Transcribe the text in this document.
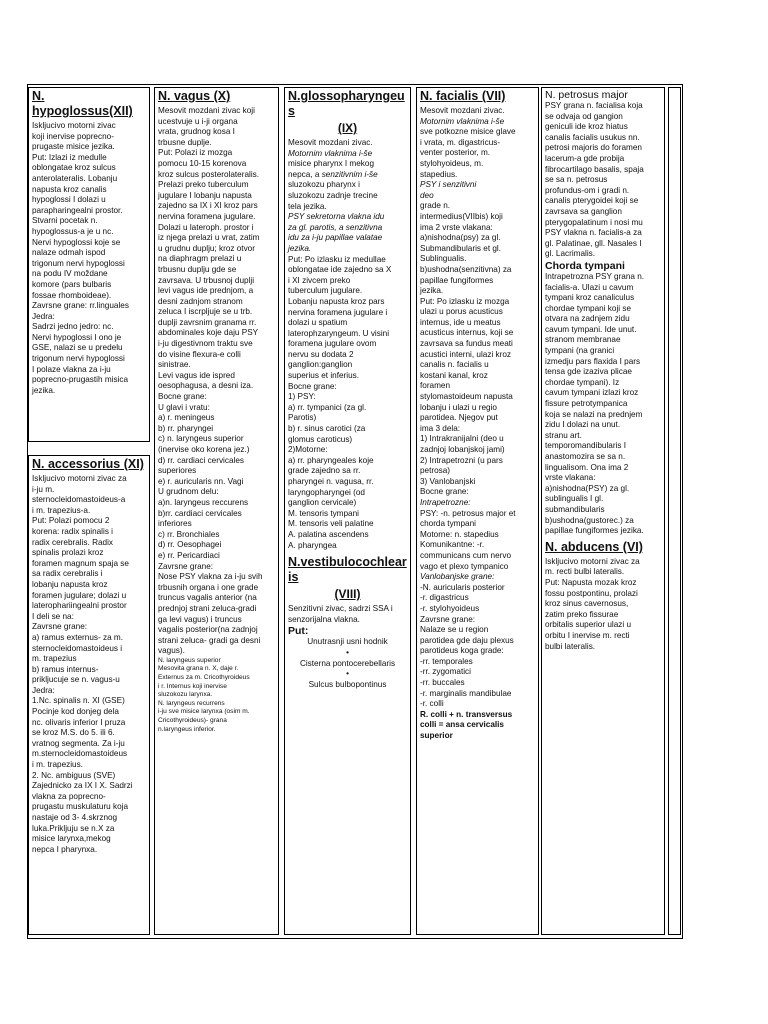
N. hypoglossus(XII)

Iskljucivo motorni zivac
koji inervise poprecno-
prugaste misice jezika.
Put: Izlazi iz medulle
oblongatae kroz sulcus
anterolateralis. Lobanju
napusta kroz canalis
hypoglossi I dolazi u
parapharingealni prostor.
Stvarni pocetak n.
hypoglossus-a je u nc.
Nervi hypoglossi koje se
nalaze odmah ispod
trigonum nervi hypoglossi
na podu IV moždane
komore (pars bulbaris
fossae rhomboideae).
Zavrsne grane: rr.linguales
Jedra:
Sadrzi jedno jedro: nc.
Nervi hypoglossi I ono je
GSE, nalazi se u predelu
trigonum nervi hypoglossi
I polaze vlakna za i-ju
poprecno-prugastih misica
jezika.

N. accessorius (XI)

Iskljucivo motorni zivac za
i-ju m.
sternocleidomastoideus-a
i m. trapezius-a.
Put: Polazi pomocu 2
korena: radix spinalis i
radix cerebralis. Radix
spinalis prolazi kroz
foramen magnum spaja se
sa radix cerebralis i
lobanju napusta kroz
foramen jugulare; dolazi u
laterophariingealni prostor
I deli se na:
Zavrsne grane:
a) ramus externus- za m.
sternocleidomastoideus i
m. trapezius
b) ramus internus-
prikljucuje se n. vagus-u
Jedra:
1.Nc. spinalis n. XI (GSE)
Pocinje kod donjeg dela
nc. olivaris inferior I pruza
se kroz M.S. do 5. ili 6.
vratnog segmenta. Za i-ju
m.sternocleidomastoideus
i m. trapezius.
2. Nc. ambiguus (SVE)
Zajednicko za IX I X. Sadrzi
vlakna za poprecno-
prugastu muskulaturu koja
nastaje od 3- 4.skrznog
luka.Prikljuju se n.X za
misice larynxa,mekog
nepca I pharynxa.

N. vagus (X)

Mesovit mozdani zivac koji
ucestvuje u i-ji organa
vrata, grudnog kosa I
trbusne duplje.
Put: Polazi iz mozga
pomocu 10-15 korenova
kroz sulcus posterolateralis.
Prelazi preko tuberculum
jugulare I lobanju napusta
zajedno sa IX i XI kroz pars
nervina foramena jugulare.
Dolazi u lateroph. prostor i
iz njega prelazi u vrat, zatim
u grudnu duplju; kroz otvor
na diaphragm prelazi u
trbusnu duplju gde se
zavrsava. U trbusnoj duplji
levi vagus ide prednjom, a
desni zadnjom stranom
zeluca I iscrpljuje se u trb.
duplji zavrsnim granama rr.
abdominales koje daju PSY
i-ju digestivnom traktu sve
do visine flexura-e colli
sinistrae.
Levi vagus ide ispred
oesophagusa, a desni iza.
Bocne grane:
U glavi i vratu:
a) r. meningeus
b) rr. pharyngei
c) n. laryngeus superior
(inervise oko korena jez.)
d) rr. cardiaci cervicales
superiores
e) r. auricularis nn. Vagi
U grudnom delu:
a)n. laryngeus reccurens
b)rr. cardiaci cervicales
inferiores
c) rr. Bronchiales
d) rr. Oesophagei
e) rr. Pericardiaci
Zavrsne grane:
Nose PSY vlakna za i-ju svih
trbusnih organa i one grade
truncus vagalis anterior (na
prednjoj strani zeluca-gradi
ga levi vagus) i truncus
vagalis posterior(na zadnjoj
strani zeluca- gradi ga desni
vagus).

N. laryngeus superior
Mesovita grana n. X, daje r.
Externus za m. Cricothyroideus
i r. Internus koji inervise
sluzokozu larynxa.
N. laryngeus recurrens
i-ju sve misice larynxa (osim m.
Cricothyroideus)- grana
n.laryngeus inferior.

N.glossopharyngeu
s
(IX)

Mesovit mozdani zivac.

Motornim vlaknima i-še

misice pharynx I mekog
nepca, a senzitivnim i-še

sluzokozu pharynx i
sluzokozu zadnje trecine
tela jezika.

PSY sekretorna vlakna idu
za gl. parotis, a senzitivna
idu za i-ju papillae valatae
jezika.

Put: Po izlasku iz medullae
oblongatae ide zajedno sa X
i XI zivcem preko
tuberculum jugulare.
Lobanju napusta kroz pars
nervina foramena jugulare i
dolazi u spatium
laterophzaryngeum. U visini
foramena jugulare ovom
nervu su dodata 2
ganglion:ganglion
superius et inferius.
Bocne grane:
1) PSY:
a) rr. tympanici (za gl.
Parotis)
b) r. sinus carotici (za
glomus caroticus)
2)Motorne:
a) rr. pharyngeales koje
grade zajedno sa rr.
pharyngei n. vagusa, rr.
laryngopharyngei (od
ganglion cervicale)
M. tensoris tympani
M. tensoris veli palatine
A. palatina ascendens
A. pharyngea

N.vestibulocochlear
is
(VIII)

Senzitivni zivac, sadrzi SSA i
senzorijalna vlakna.

Put:

Unutrasnji usni hodnik
•
Cisterna pontocerebellaris
•
Sulcus bulbopontinus

N. facialis (VII)

Mesovit mozdani zivac.

Motornim vlaknima i-še

sve potkozne misice glave
i vrata, m. digastricus-
venter posterior, m.
stylohyoideus, m.
stapedius.

PSY i senzitivni
deo

grade n.
intermedius(VIIbis) koji
ima 2 vrste vlakana:
a)nishodna(psy) za gl.
Submandibularis et gl.
Sublingualis.
b)ushodna(senzitivna) za
papillae fungiformes
jezika.
Put: Po izlasku iz mozga
ulazi u porus acusticus
internus, ide u meatus
acusticus internus, koji se
zavrsava sa fundus meati
acustici interni, ulazi kroz
canalis n. facialis u
kostani kanal, kroz
foramen
stylomastoideum napusta
lobanju i ulazi u regio
parotidea. Njegov put
ima 3 dela:
1) Intrakranijalni (deo u
zadnjoj lobanjskoj jami)
2) Intrapetrozni (u pars
petrosa)
3) Vanlobanjski
Bocne grane:

Intrapetrozne:

PSY: -n. petrosus major et
chorda tympani
Motorne: n. stapedius
Komunikantne: -r.
communicans cum nervo
vago et plexo tympanico

Vanlobanjske grane:

-N. auricularis posterior
-r. digastricus
-r. stylohyoideus
Zavrsne grane:
Nalaze se u region
parotidea gde daju plexus
parotideus koga grade:
-rr. temporales
-rr. zygomatici
-rr. buccales
-r. marginalis mandibulae
-r. colli

R. colli + n. transversus
colli = ansa cervicalis
superior

N. petrosus major

PSY grana n. facialisa koja
se odvaja od gangion
geniculi ide kroz hiatus
canalis facialis usukus nn.
petrosi majoris do foramen
lacerum-a gde probija
fibrocartilago basalis, spaja
se sa n. petrosus
profundus-om i gradi n.
canalis pterygoidei koji se
zavrsava sa ganglion
pterygopalatinum i nosi mu
PSY vlakna n. facialis-a za
gl. Palatinae, gll. Nasales I
gl. Lacrimalis.

Chorda tympani

Intrapetrozna PSY grana n.
facialis-a. Ulazi u cavum
tympani kroz canaliculus
chordae tympani koji se
otvara na zadnjem zidu
cavum tympani. Ide unut.
stranom membranae
tympani (na granici
izmedju pars flaxida I pars
tensa gde izaziva plicae
chordae tympani). Iz
cavum tympani izlazi kroz
fissure petrotympanica
koja se nalazi na prednjem
zidu I dolazi na unut.
stranu art.
temporomandibularis I
anastomozira se sa n.
lingualisom. Ona ima 2
vrste vlakana:
a)nishodna(PSY) za gl.
sublingualis I gl.
submandibularis
b)ushodna(gustorec.) za
papillae fungiformes jezika.

N. abducens (VI)

Iskljucivo motorni zivac za
m. recti bulbi lateralis.
Put: Napusta mozak kroz
fossu postpontinu, prolazi
kroz sinus cavernosus,
zatim preko fissurae
orbitalis superior ulazi u
orbitu I inervise m. recti
bulbi lateralis.
